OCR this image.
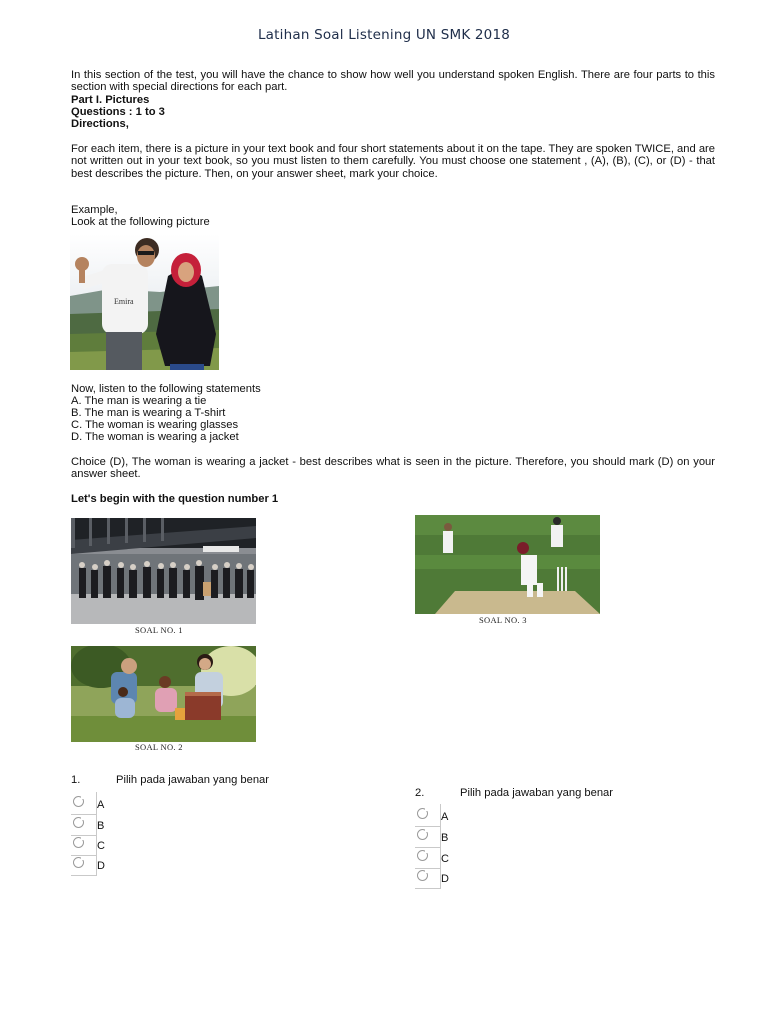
Latihan Soal Listening UN SMK 2018
In this section of the test, you will have the chance to show how well you understand spoken English. There are four parts to this section with special directions for each part.
Part I. Pictures
Questions : 1 to 3
Directions,
For each item, there is a picture in your text book and four short statements about it on the tape. They are spoken TWICE, and are not written out in your text book, so you must listen to them carefully. You must choose one statement , (A), (B), (C), or (D) - that best describes the picture. Then, on your answer sheet, mark your choice.
Example,
Look at the following picture
Emira
Now, listen to the following statements
A. The man is wearing a tie
B. The man is wearing a T-shirt
C. The woman is wearing glasses
D. The woman is wearing a jacket
Choice (D), The woman is wearing a jacket - best describes what is seen in the picture. Therefore, you should mark (D) on your answer sheet.
Let's begin with the question number 1
SOAL NO. 1
SOAL NO. 3
SOAL NO. 2
1.	Pilih pada jawaban yang benar
A
B
C
D
2.	Pilih pada jawaban yang benar
A
B
C
D
